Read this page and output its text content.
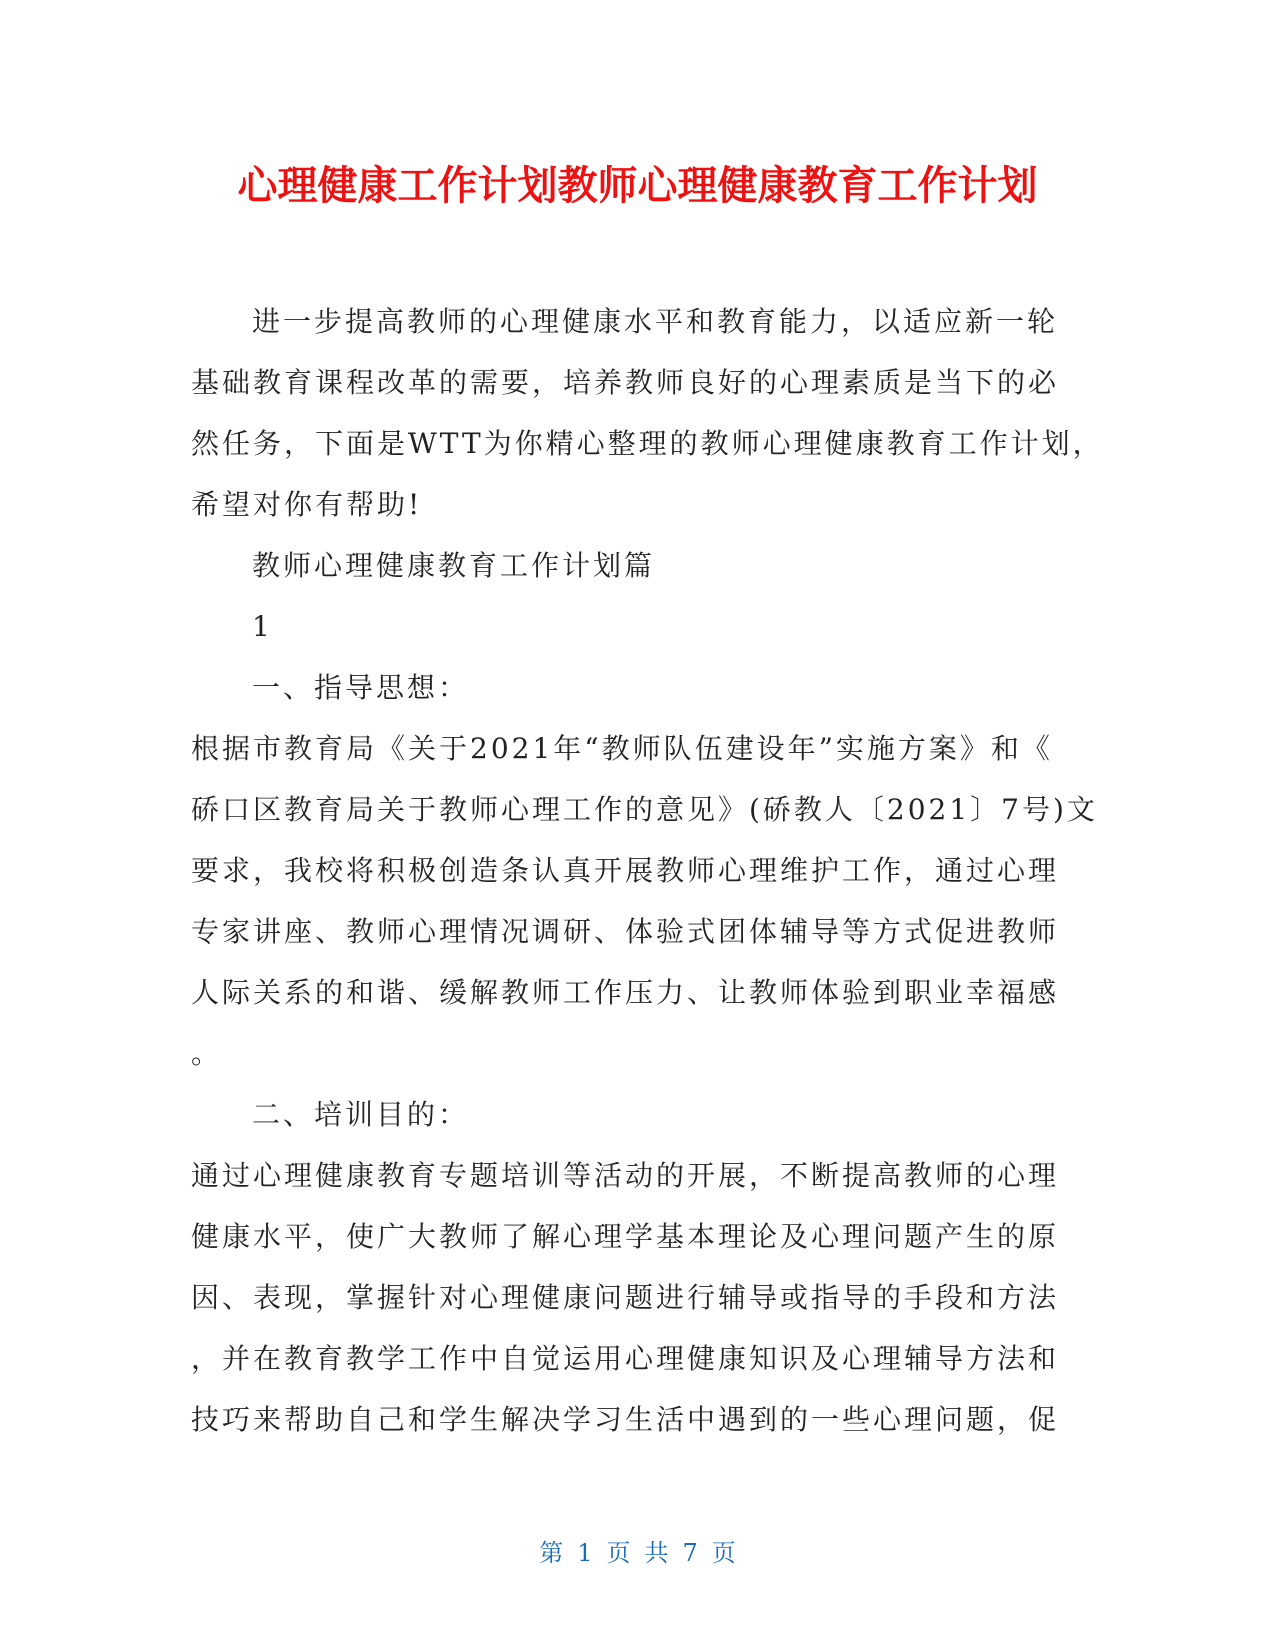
心理健康工作计划教师心理健康教育工作计划
进一步提高教师的心理健康水平和教育能力，以适应新一轮
基础教育课程改革的需要，培养教师良好的心理素质是当下的必
然任务，下面是WTT为你精心整理的教师心理健康教育工作计划，
希望对你有帮助!
教师心理健康教育工作计划篇
1
一、指导思想：
根据市教育局《关于2021年“教师队伍建设年”实施方案》和《
硚口区教育局关于教师心理工作的意见》(硚教人〔2021〕7号)文
要求，我校将积极创造条认真开展教师心理维护工作，通过心理
专家讲座、教师心理情况调研、体验式团体辅导等方式促进教师
人际关系的和谐、缓解教师工作压力、让教师体验到职业幸福感
。
二、培训目的：
通过心理健康教育专题培训等活动的开展，不断提高教师的心理
健康水平，使广大教师了解心理学基本理论及心理问题产生的原
因、表现，掌握针对心理健康问题进行辅导或指导的手段和方法
，并在教育教学工作中自觉运用心理健康知识及心理辅导方法和
技巧来帮助自己和学生解决学习生活中遇到的一些心理问题，促
第 1 页 共 7 页
